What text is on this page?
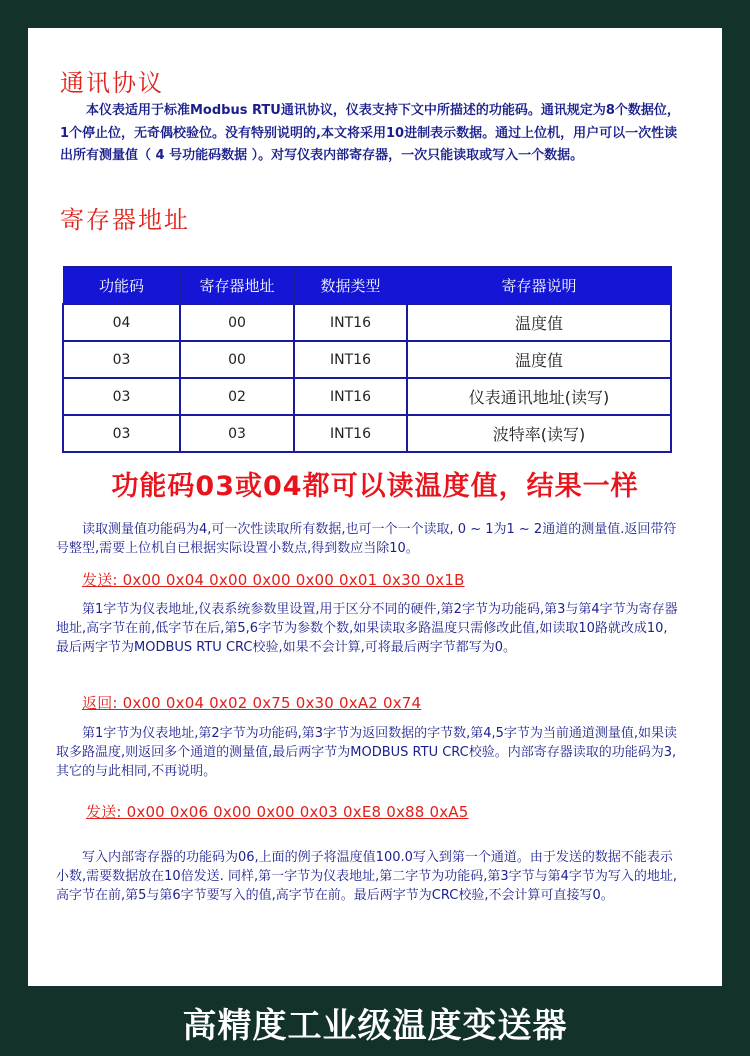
通讯协议

本仪表适用于标准Modbus RTU通讯协议，仪表支持下文中所描述的功能码。通讯规定为8个数据位，1个停止位，无奇偶校验位。没有特别说明的,本文将采用10进制表示数据。通过上位机，用户可以一次性读出所有测量值（ 4 号功能码数据 ）。对写仪表内部寄存器，一次只能读取或写入一个数据。

寄存器地址
功能码	寄存器地址	数据类型	寄存器说明
04	00	INT16	温度值
03	00	INT16	温度值
03	02	INT16	仪表通讯地址(读写)
03	03	INT16	波特率(读写)

功能码03或04都可以读温度值，结果一样

读取测量值功能码为4,可一次性读取所有数据,也可一个一个读取, 0 ~ 1为1 ~ 2通道的测量值.返回带符号整型,需要上位机自已根据实际设置小数点,得到数应当除10。

发送: 0x00 0x04 0x00 0x00 0x00 0x01 0x30 0x1B

第1字节为仪表地址,仪表系统参数里设置,用于区分不同的硬件,第2字节为功能码,第3与第4字节为寄存器地址,高字节在前,低字节在后,第5,6字节为参数个数,如果读取多路温度只需修改此值,如读取10路就改成10,最后两字节为MODBUS RTU CRC校验,如果不会计算,可将最后两字节都写为0。

返回: 0x00 0x04 0x02 0x75 0x30 0xA2 0x74

第1字节为仪表地址,第2字节为功能码,第3字节为返回数据的字节数,第4,5字节为当前通道测量值,如果读取多路温度,则返回多个通道的测量值,最后两字节为MODBUS RTU CRC校验。内部寄存器读取的功能码为3,其它的与此相同,不再说明。

发送: 0x00 0x06 0x00 0x00 0x03 0xE8 0x88 0xA5

写入内部寄存器的功能码为06,上面的例子将温度值100.0写入到第一个通道。由于发送的数据不能表示小数,需要数据放在10倍发送. 同样,第一字节为仪表地址,第二字节为功能码,第3字节与第4字节为写入的地址,高字节在前,第5与第6字节要写入的值,高字节在前。最后两字节为CRC校验,不会计算可直接写0。

高精度工业级温度变送器
